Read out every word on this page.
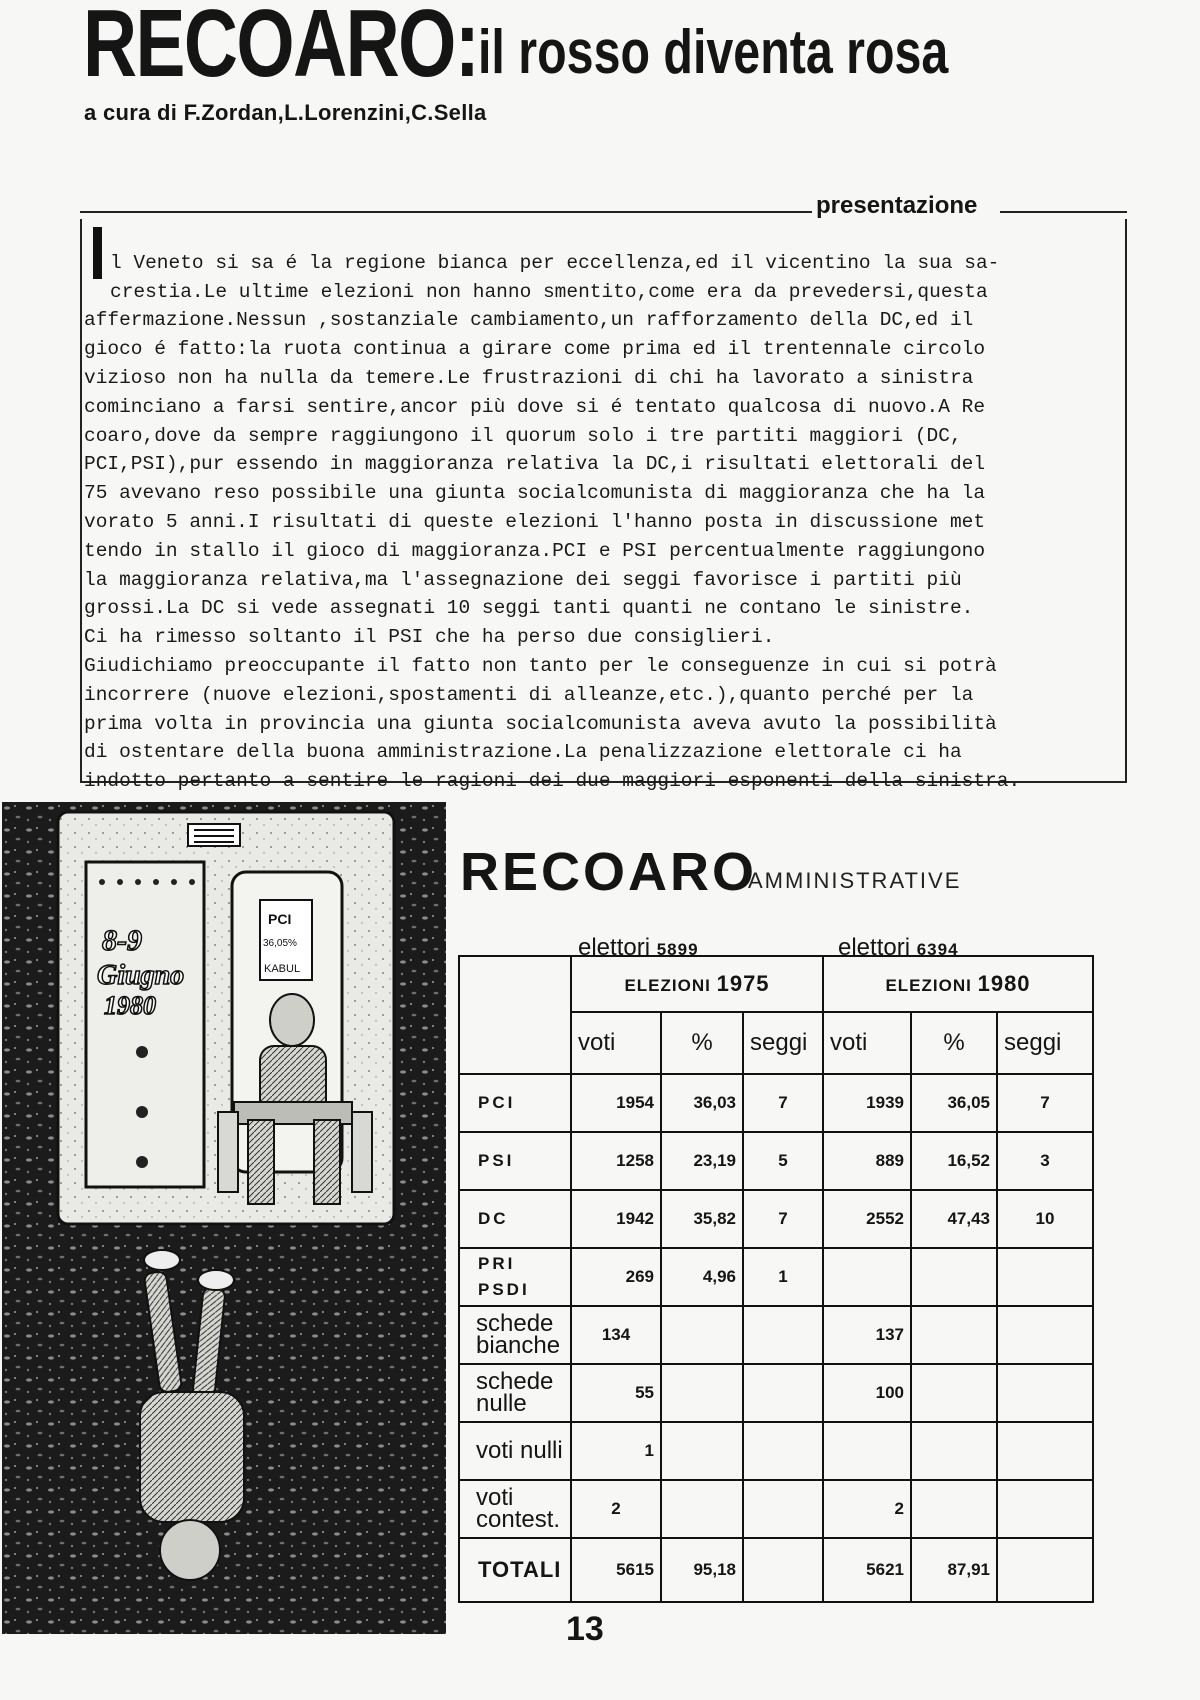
RECOARO: il rosso diventa rosa
a cura di F.Zordan,L.Lorenzini,C.Sella
presentazione

l Veneto si sa é la regione bianca per eccellenza,ed il vicentino la sua sa-
crestia.Le ultime elezioni non hanno smentito,come era da prevedersi,questa
affermazione.Nessun ,sostanziale cambiamento,un rafforzamento della DC,ed il
gioco é fatto:la ruota continua a girare come prima ed il trentennale circolo
vizioso non ha nulla da temere.Le frustrazioni di chi ha lavorato a sinistra
cominciano a farsi sentire,ancor più dove si é tentato qualcosa di nuovo.A Re
coaro,dove da sempre raggiungono il quorum solo i tre partiti maggiori (DC,
PCI,PSI),pur essendo in maggioranza relativa la DC,i risultati elettorali del
75 avevano reso possibile una giunta socialcomunista di maggioranza che ha la
vorato 5 anni.I risultati di queste elezioni l'hanno posta in discussione met
tendo in stallo il gioco di maggioranza.PCI e PSI percentualmente raggiungono
la maggioranza relativa,ma l'assegnazione dei seggi favorisce i partiti più
grossi.La DC si vede assegnati 10 seggi tanti quanti ne contano le sinistre.
Ci ha rimesso soltanto il PSI che ha perso due consiglieri.
Giudichiamo preoccupante il fatto non tanto per le conseguenze in cui si potrà
incorrere (nuove elezioni,spostamenti di alleanze,etc.),quanto perché per la
prima volta in provincia una giunta socialcomunista aveva avuto la possibilità
di ostentare della buona amministrazione.La penalizzazione elettorale ci ha
indotto pertanto a sentire le ragioni dei due maggiori esponenti della sinistra.

8-9
Giugno
1980
PCI
36,05%
KABUL
RECOARO
AMMINISTRATIVE
elettori 5899	elettori 6394
	ELEZIONI 1975			ELEZIONI 1980		
	voti	%	seggi	voti	%	seggi
PCI	1954	36,03	7	1939	36,05	7
PSI	1258	23,19	5	889	16,52	3
DC	1942	35,82	7	2552	47,43	10
PRI PSDI	269	4,96	1			
schede bianche	134			137		
schede nulle	55			100		
voti nulli	1					
voti contest.	2			2		
TOTALI	5615	95,18		5621	87,91	
13
